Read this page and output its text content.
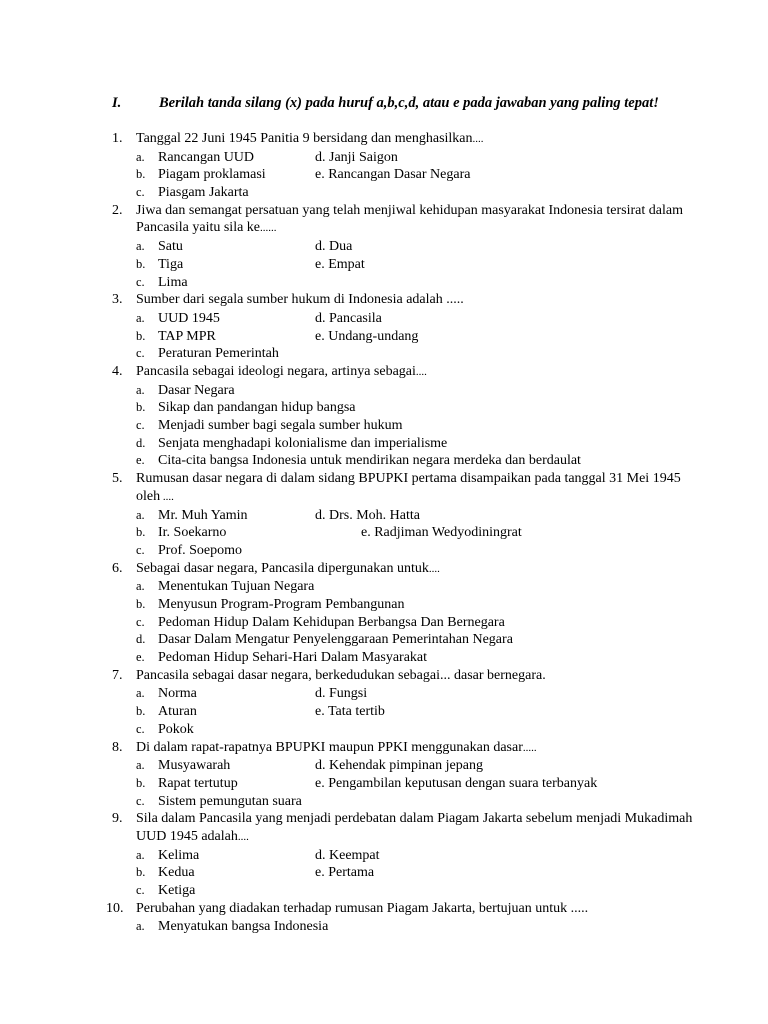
I.	Berilah tanda silang (x) pada huruf a,b,c,d, atau e pada jawaban yang paling tepat!
1. Tanggal 22 Juni 1945 Panitia 9 bersidang dan menghasilkan....
a. Rancangan UUD	d. Janji Saigon
b. Piagam proklamasi	e. Rancangan Dasar Negara
c. Piasgam Jakarta
2. Jiwa dan semangat persatuan yang telah menjiwal kehidupan masyarakat Indonesia tersirat dalam Pancasila yaitu sila ke......
a. Satu	d. Dua
b. Tiga	e. Empat
c. Lima
3. Sumber dari segala sumber hukum di Indonesia adalah .....
a. UUD 1945	d. Pancasila
b. TAP MPR	e. Undang-undang
c. Peraturan Pemerintah
4. Pancasila sebagai ideologi negara, artinya sebagai....
a. Dasar Negara
b. Sikap dan pandangan hidup bangsa
c. Menjadi sumber bagi segala sumber hukum
d. Senjata menghadapi kolonialisme dan imperialisme
e. Cita-cita bangsa Indonesia untuk mendirikan negara merdeka dan berdaulat
5. Rumusan dasar negara di dalam sidang BPUPKI pertama disampaikan pada tanggal 31 Mei 1945 oleh ....
a. Mr. Muh Yamin	d. Drs. Moh. Hatta
b. Ir. Soekarno	e. Radjiman Wedyodiningrat
c. Prof. Soepomo
6. Sebagai dasar negara, Pancasila dipergunakan untuk....
a. Menentukan Tujuan Negara
b. Menyusun Program-Program Pembangunan
c. Pedoman Hidup Dalam Kehidupan Berbangsa Dan Bernegara
d. Dasar Dalam Mengatur Penyelenggaraan Pemerintahan Negara
e. Pedoman Hidup Sehari-Hari Dalam Masyarakat
7. Pancasila sebagai dasar negara, berkedudukan sebagai... dasar bernegara.
a. Norma	d. Fungsi
b. Aturan	e. Tata tertib
c. Pokok
8. Di dalam rapat-rapatnya BPUPKI maupun PPKI menggunakan dasar.....
a. Musyawarah	d. Kehendak pimpinan jepang
b. Rapat tertutup	e. Pengambilan keputusan dengan suara terbanyak
c. Sistem pemungutan suara
9. Sila dalam Pancasila yang menjadi perdebatan dalam Piagam Jakarta sebelum menjadi Mukadimah UUD 1945 adalah....
a. Kelima	d. Keempat
b. Kedua	e. Pertama
c. Ketiga
10. Perubahan yang diadakan terhadap rumusan Piagam Jakarta, bertujuan untuk .....
a. Menyatukan bangsa Indonesia
